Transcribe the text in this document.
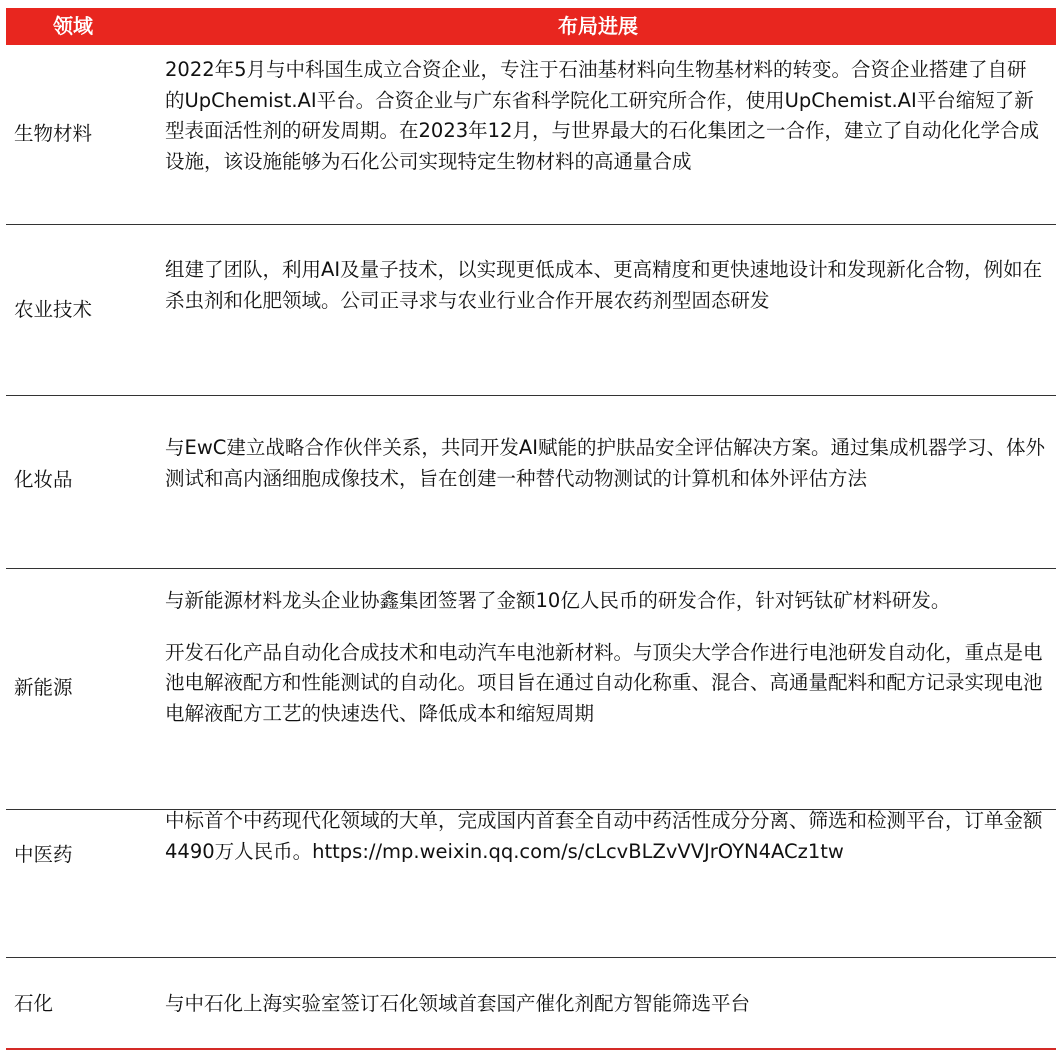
领域	布局进展
生物材料

2022年5月与中科国生成立合资企业，专注于石油基材料向生物基材料的转变。合资企业搭建了自研的UpChemist.AI平台。合资企业与广东省科学院化工研究所合作，使用UpChemist.AI平台缩短了新型表面活性剂的研发周期。在2023年12月，与世界最大的石化集团之一合作，建立了自动化化学合成设施，该设施能够为石化公司实现特定生物材料的高通量合成

农业技术

组建了团队，利用AI及量子技术，以实现更低成本、更高精度和更快速地设计和发现新化合物，例如在杀虫剂和化肥领域。公司正寻求与农业行业合作开展农药剂型固态研发

化妆品

与EwC建立战略合作伙伴关系，共同开发AI赋能的护肤品安全评估解决方案。通过集成机器学习、体外测试和高内涵细胞成像技术，旨在创建一种替代动物测试的计算机和体外评估方法

新能源

与新能源材料龙头企业协鑫集团签署了金额10亿人民币的研发合作，针对钙钛矿材料研发。

开发石化产品自动化合成技术和电动汽车电池新材料。与顶尖大学合作进行电池研发自动化，重点是电池电解液配方和性能测试的自动化。项目旨在通过自动化称重、混合、高通量配料和配方记录实现电池电解液配方工艺的快速迭代、降低成本和缩短周期

中医药

中标首个中药现代化领域的大单，完成国内首套全自动中药活性成分分离、筛选和检测平台，订单金额4490万人民币。https://mp.weixin.qq.com/s/cLcvBLZvVVJrOYN4ACz1tw

石化	与中石化上海实验室签订石化领域首套国产催化剂配方智能筛选平台
